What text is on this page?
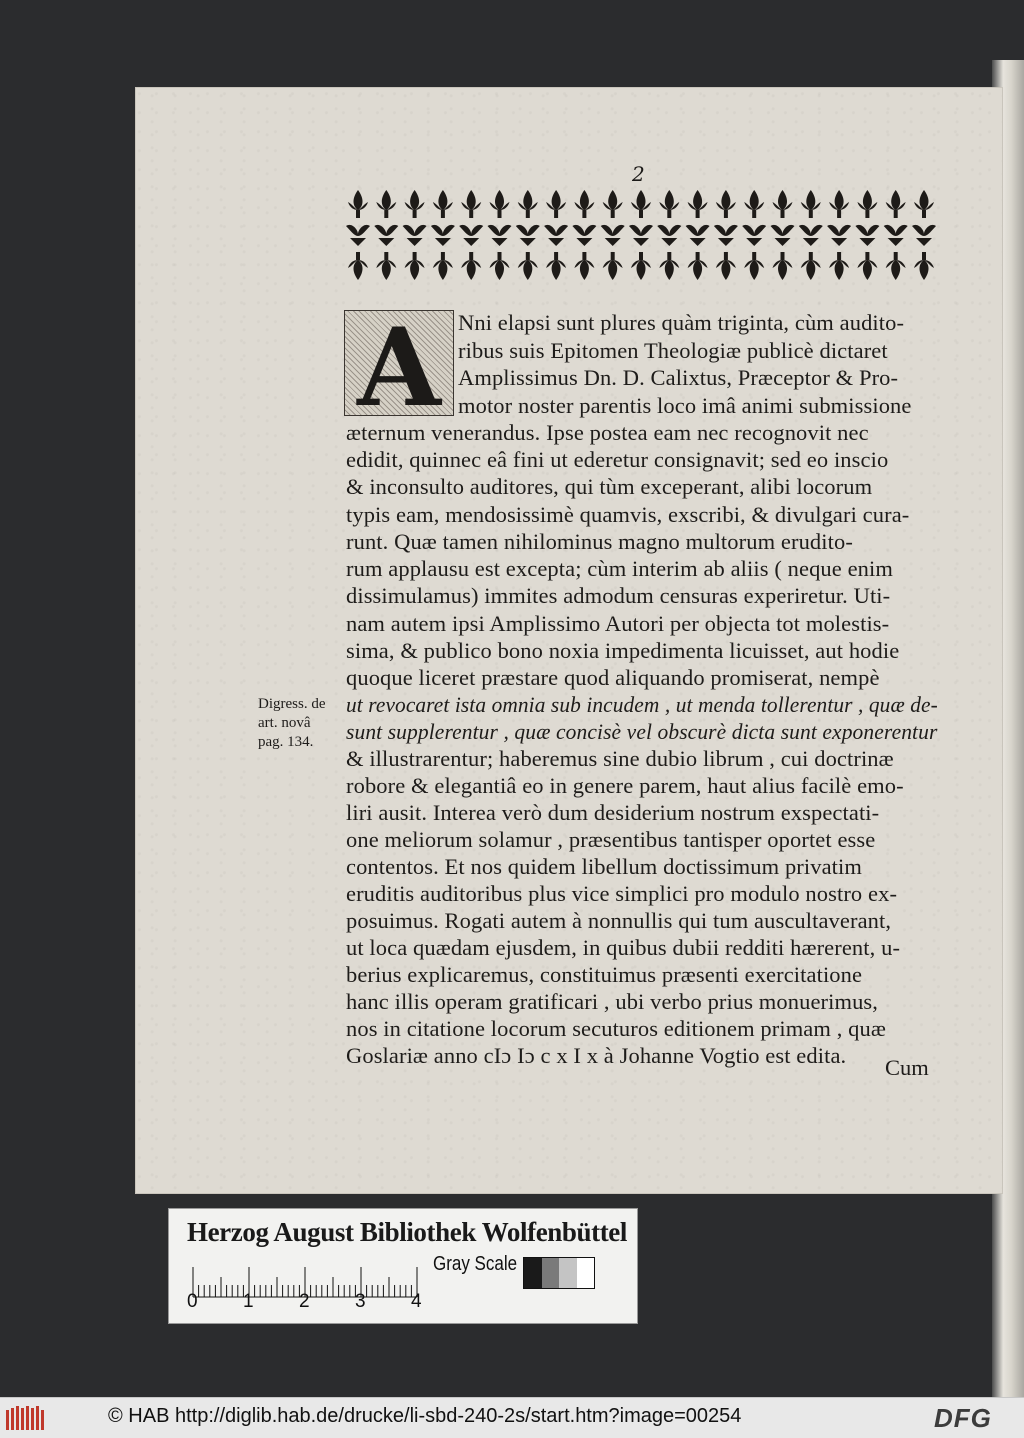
2
A Nni elapsi sunt plures quàm triginta, cùm audito-
ribus suis Epitomen Theologiæ publicè dictaret
Amplissimus Dn. D. Calixtus, Præceptor & Pro-
motor noster parentis loco imâ animi submissione
æternum venerandus. Ipse postea eam nec recognovit nec
edidit, quinnec eâ fini ut ederetur consignavit; sed eo inscio
& inconsulto auditores, qui tùm exceperant, alibi locorum
typis eam, mendosissimè quamvis, exscribi, & divulgari cura-
runt. Quæ tamen nihilominus magno multorum erudito-
rum applausu est excepta; cùm interim ab aliis ( neque enim
dissimulamus) immites admodum censuras experiretur. Uti-
nam autem ipsi Amplissimo Autori per objecta tot molestis-
sima, & publico bono noxia impedimenta licuisset, aut hodie
quoque liceret præstare quod aliquando promiserat, nempè
ut revocaret ista omnia sub incudem , ut menda tollerentur , quæ de-
sunt supplerentur , quæ concisè vel obscurè dicta sunt exponerentur
& illustrarentur; haberemus sine dubio librum , cui doctrinæ
robore & elegantiâ eo in genere parem, haut alius facilè emo-
liri ausit. Interea verò dum desiderium nostrum exspectati-
one meliorum solamur , præsentibus tantisper oportet esse
contentos. Et nos quidem libellum doctissimum privatim
eruditis auditoribus plus vice simplici pro modulo nostro ex-
posuimus. Rogati autem à nonnullis qui tum auscultaverant,
ut loca quædam ejusdem, in quibus dubii redditi hærerent, u-
berius explicaremus, constituimus præsenti exercitatione
hanc illis operam gratificari , ubi verbo prius monuerimus,
nos in citatione locorum secuturos editionem primam , quæ
Goslariæ anno cIɔ Iɔ c x I x à Johanne Vogtio est edita.
Digress. de
art. novâ
pag. 134.
Cum
Herzog August Bibliothek Wolfenbüttel
0 1 2 3 4
Gray Scale
© HAB http://diglib.hab.de/drucke/li-sbd-240-2s/start.htm?image=00254	DFG
